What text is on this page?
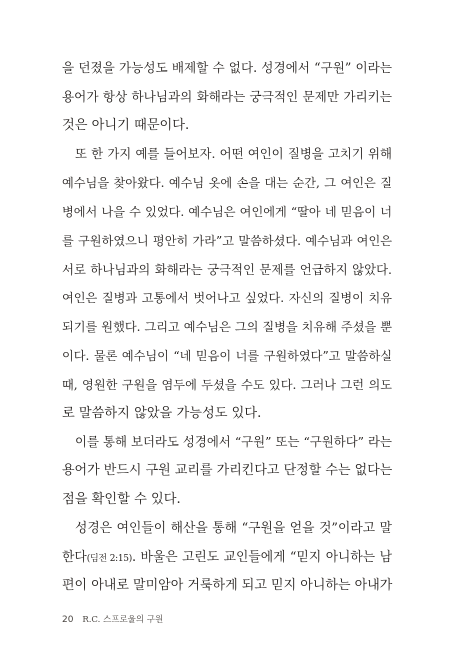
을 던졌을 가능성도 배제할 수 없다. 성경에서 “구원” 이라는
용어가 항상 하나님과의 화해라는 궁극적인 문제만 가리키는
것은 아니기 때문이다.
또 한 가지 예를 들어보자. 어떤 여인이 질병을 고치기 위해
예수님을 찾아왔다. 예수님 옷에 손을 대는 순간, 그 여인은 질
병에서 나을 수 있었다. 예수님은 여인에게 “딸아 네 믿음이 너
를 구원하였으니 평안히 가라”고 말씀하셨다. 예수님과 여인은
서로 하나님과의 화해라는 궁극적인 문제를 언급하지 않았다.
여인은 질병과 고통에서 벗어나고 싶었다. 자신의 질병이 치유
되기를 원했다. 그리고 예수님은 그의 질병을 치유해 주셨을 뿐
이다. 물론 예수님이 “네 믿음이 너를 구원하였다”고 말씀하실
때, 영원한 구원을 염두에 두셨을 수도 있다. 그러나 그런 의도
로 말씀하지 않았을 가능성도 있다.
이를 통해 보더라도 성경에서 “구원” 또는 “구원하다” 라는
용어가 반드시 구원 교리를 가리킨다고 단정할 수는 없다는
점을 확인할 수 있다.
성경은 여인들이 해산을 통해 “구원을 얻을 것”이라고 말
한다(딤전 2:15). 바울은 고린도 교인들에게 “믿지 아니하는 남
편이 아내로 말미암아 거룩하게 되고 믿지 아니하는 아내가
20 R.C. 스프로울의 구원
